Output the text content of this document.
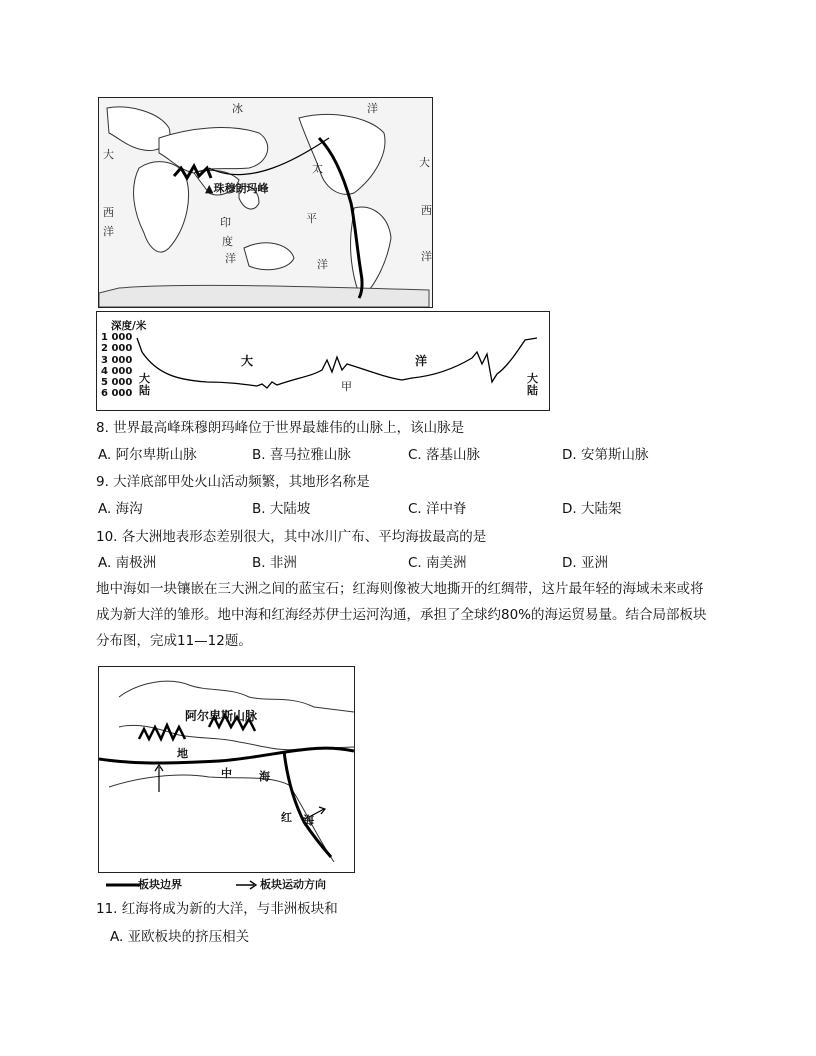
冰	洋
大
西
洋
大
西
洋
印
度
洋
太
平
洋
▲珠穆朗玛峰
深度/米
1 000
2 000
3 000
4 000
5 000
6 000
大	洋
甲
大
陆
大
陆
8. 世界最高峰珠穆朗玛峰位于世界最雄伟的山脉上，该山脉是
A. 阿尔卑斯山脉	B. 喜马拉雅山脉	C. 落基山脉	D. 安第斯山脉
9. 大洋底部甲处火山活动频繁，其地形名称是
A. 海沟	B. 大陆坡	C. 洋中脊	D. 大陆架
10. 各大洲地表形态差别很大，其中冰川广布、平均海拔最高的是
A. 南极洲	B. 非洲	C. 南美洲	D. 亚洲
地中海如一块镶嵌在三大洲之间的蓝宝石；红海则像被大地撕开的红绸带，这片最年轻的海域未来或将成为新大洋的雏形。地中海和红海经苏伊士运河沟通，承担了全球约80%的海运贸易量。结合局部板块分布图，完成11—12题。
阿尔卑斯山脉
地
中 海
红 海
板块边界	板块运动方向
11. 红海将成为新的大洋，与非洲板块和
A. 亚欧板块的挤压相关
